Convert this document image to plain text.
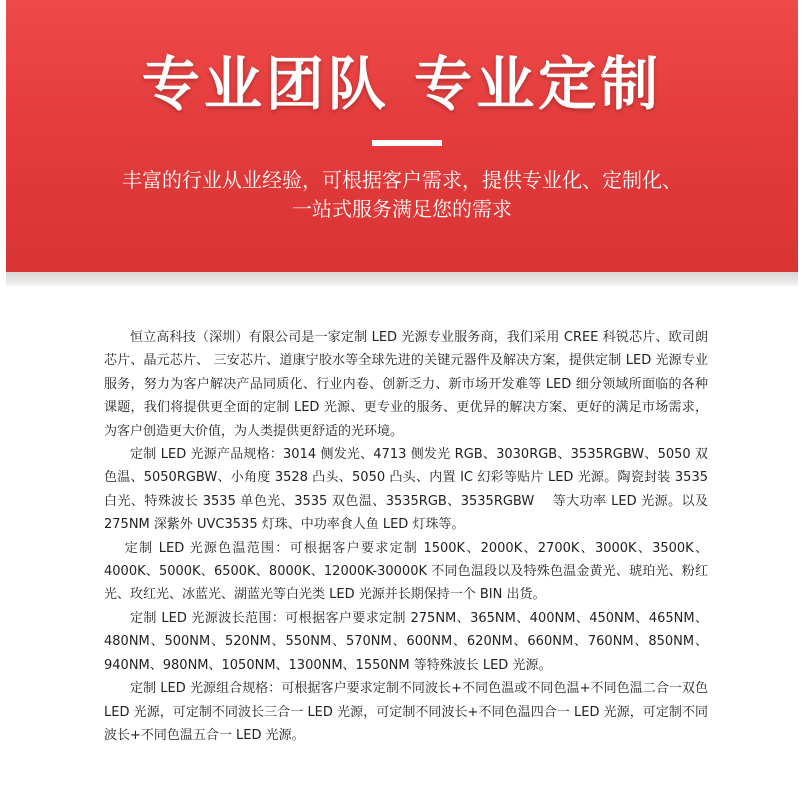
专业团队 专业定制
丰富的行业从业经验，可根据客户需求，提供专业化、定制化、
一站式服务满足您的需求

恒立高科技（深圳）有限公司是一家定制 LED 光源专业服务商，我们采用 CREE 科锐芯片、欧司朗芯片、晶元芯片、 三安芯片、道康宁胶水等全球先进的关键元器件及解决方案，提供定制 LED 光源专业服务，努力为客户解决产品同质化、行业内卷、创新乏力、新市场开发难等 LED 细分领域所面临的各种课题，我们将提供更全面的定制 LED 光源、更专业的服务、更优异的解决方案、更好的满足市场需求，为客户创造更大价值，为人类提供更舒适的光环境。

定制 LED 光源产品规格：3014 侧发光、4713 侧发光 RGB、3030RGB、3535RGBW、5050 双色温、5050RGBW、小角度 3528 凸头、5050 凸头、内置 IC 幻彩等贴片 LED 光源。陶瓷封装 3535 白光、特殊波长 3535 单色光、3535 双色温、3535RGB、3535RGBW　 等大功率 LED 光源。以及 275NM 深紫外 UVC3535 灯珠、中功率食人鱼 LED 灯珠等。

定制 LED 光源色温范围：可根据客户要求定制 1500K、2000K、2700K、3000K、3500K、4000K、5000K、6500K、8000K、12000K-30000K 不同色温段以及特殊色温金黄光、琥珀光、粉红光、玫红光、冰蓝光、湖蓝光等白光类 LED 光源并长期保持一个 BIN 出货。

定制 LED 光源波长范围：可根据客户要求定制 275NM、365NM、400NM、450NM、465NM、480NM、500NM、520NM、550NM、570NM、600NM、620NM、660NM、760NM、850NM、940NM、980NM、1050NM、1300NM、1550NM 等特殊波长 LED 光源。

定制 LED 光源组合规格：可根据客户要求定制不同波长+不同色温或不同色温+不同色温二合一双色 LED 光源，可定制不同波长三合一 LED 光源，可定制不同波长+不同色温四合一 LED 光源，可定制不同波长+不同色温五合一 LED 光源。
